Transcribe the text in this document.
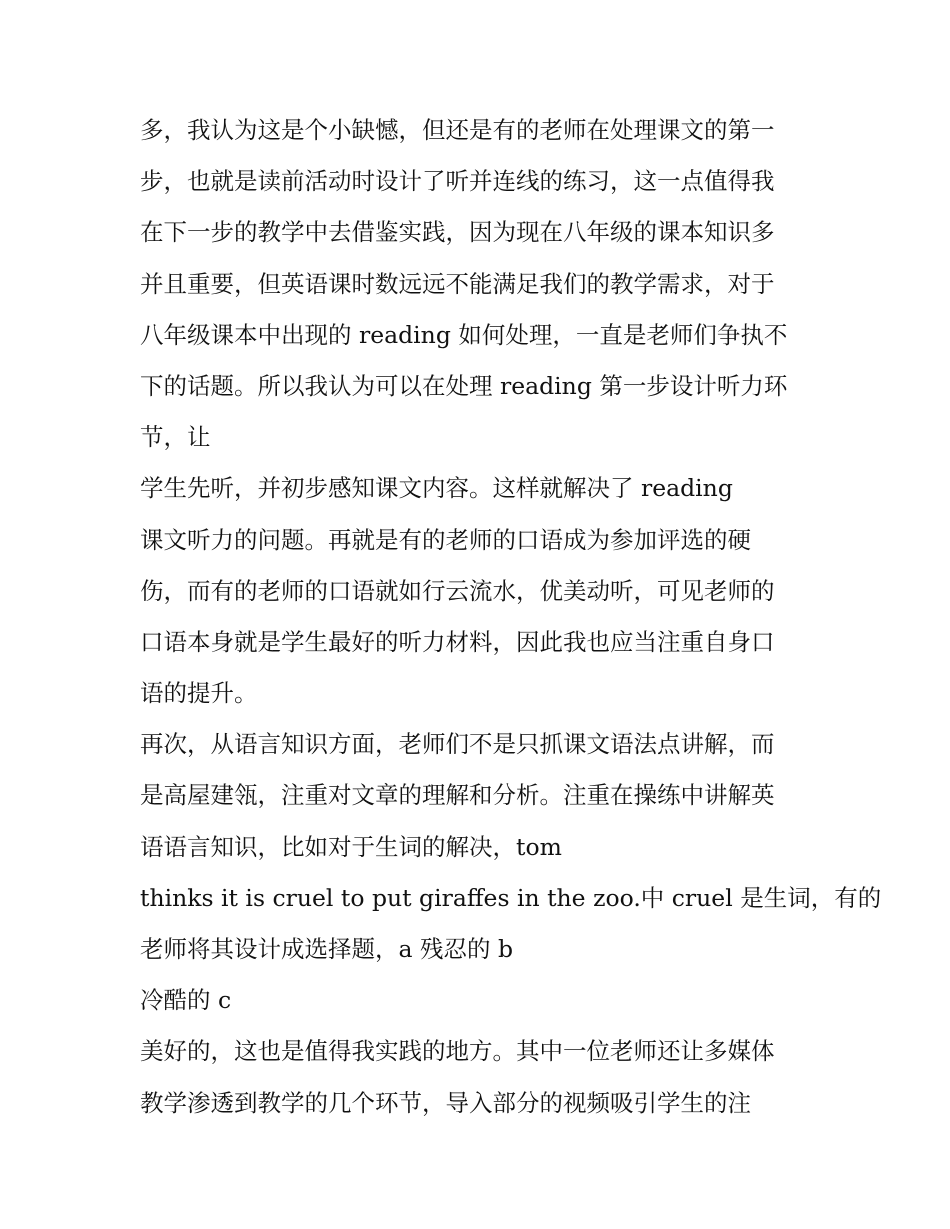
多，我认为这是个小缺憾，但还是有的老师在处理课文的第一
步，也就是读前活动时设计了听并连线的练习，这一点值得我
在下一步的教学中去借鉴实践，因为现在八年级的课本知识多
并且重要，但英语课时数远远不能满足我们的教学需求，对于
八年级课本中出现的 reading 如何处理，一直是老师们争执不
下的话题。所以我认为可以在处理 reading 第一步设计听力环
节，让
学生先听，并初步感知课文内容。这样就解决了 reading
课文听力的问题。再就是有的老师的口语成为参加评选的硬
伤，而有的老师的口语就如行云流水，优美动听，可见老师的
口语本身就是学生最好的听力材料，因此我也应当注重自身口
语的提升。
再次，从语言知识方面，老师们不是只抓课文语法点讲解，而
是高屋建瓴，注重对文章的理解和分析。注重在操练中讲解英
语语言知识，比如对于生词的解决，tom
thinks it is cruel to put giraffes in the zoo.中 cruel 是生词，有的
老师将其设计成选择题，a 残忍的 b
冷酷的 c
美好的，这也是值得我实践的地方。其中一位老师还让多媒体
教学渗透到教学的几个环节，导入部分的视频吸引学生的注
